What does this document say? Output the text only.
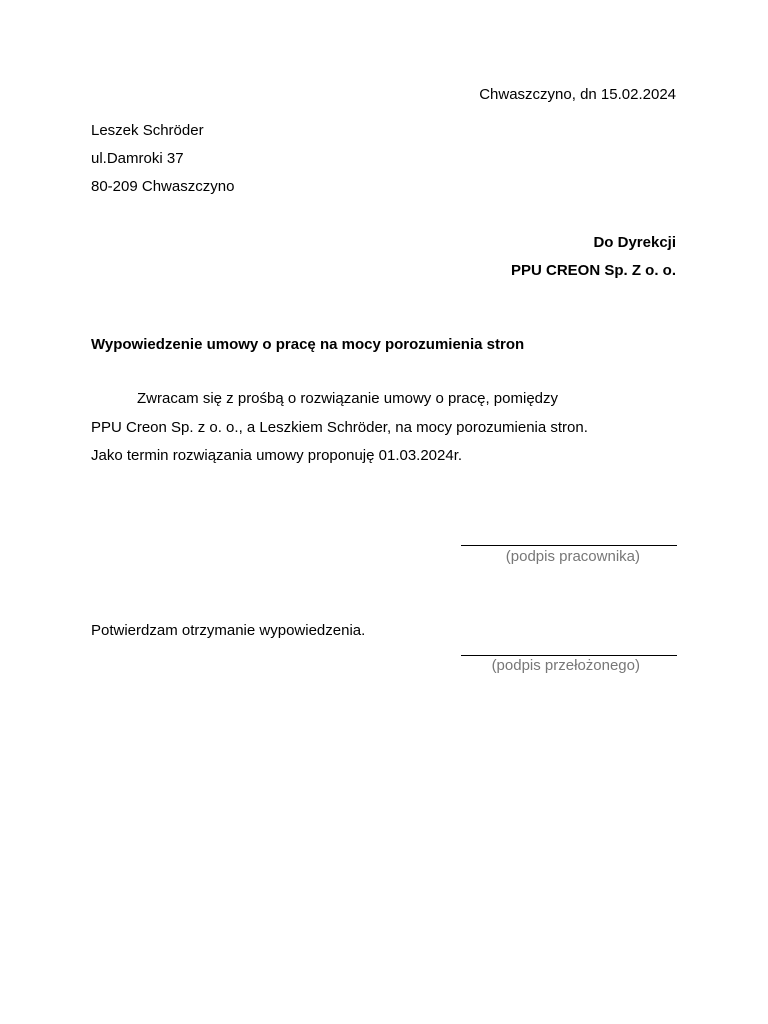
Chwaszczyno, dn 15.02.2024
Leszek Schröder
ul.Damroki 37
80-209 Chwaszczyno
Do Dyrekcji
PPU CREON Sp. Z o. o.
Wypowiedzenie umowy o pracę na mocy porozumienia stron
Zwracam się z prośbą o rozwiązanie umowy o pracę, pomiędzy
PPU Creon Sp. z o. o., a Leszkiem Schröder, na mocy porozumienia stron.
Jako termin rozwiązania umowy proponuję 01.03.2024r.
(podpis pracownika)
Potwierdzam otrzymanie wypowiedzenia.
(podpis przełożonego)
